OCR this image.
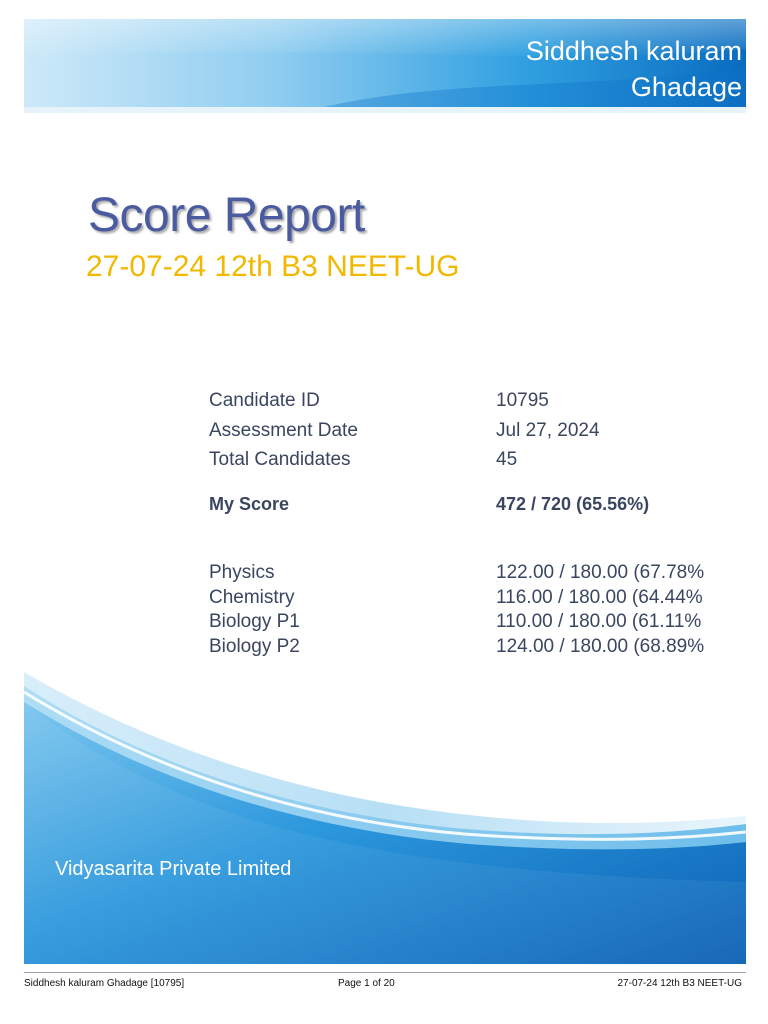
Siddhesh kaluram
Ghadage
Score Report
27-07-24 12th B3 NEET-UG
Candidate ID	10795
Assessment Date	Jul 27, 2024
Total Candidates	45
My Score	472 / 720 (65.56%)
Physics	122.00 / 180.00 (67.78%
Chemistry	116.00 / 180.00 (64.44%
Biology P1	110.00 / 180.00 (61.11%
Biology P2	124.00 / 180.00 (68.89%
Vidyasarita Private Limited
Siddhesh kaluram Ghadage [10795]	Page 1 of 20	27-07-24 12th B3 NEET-UG
